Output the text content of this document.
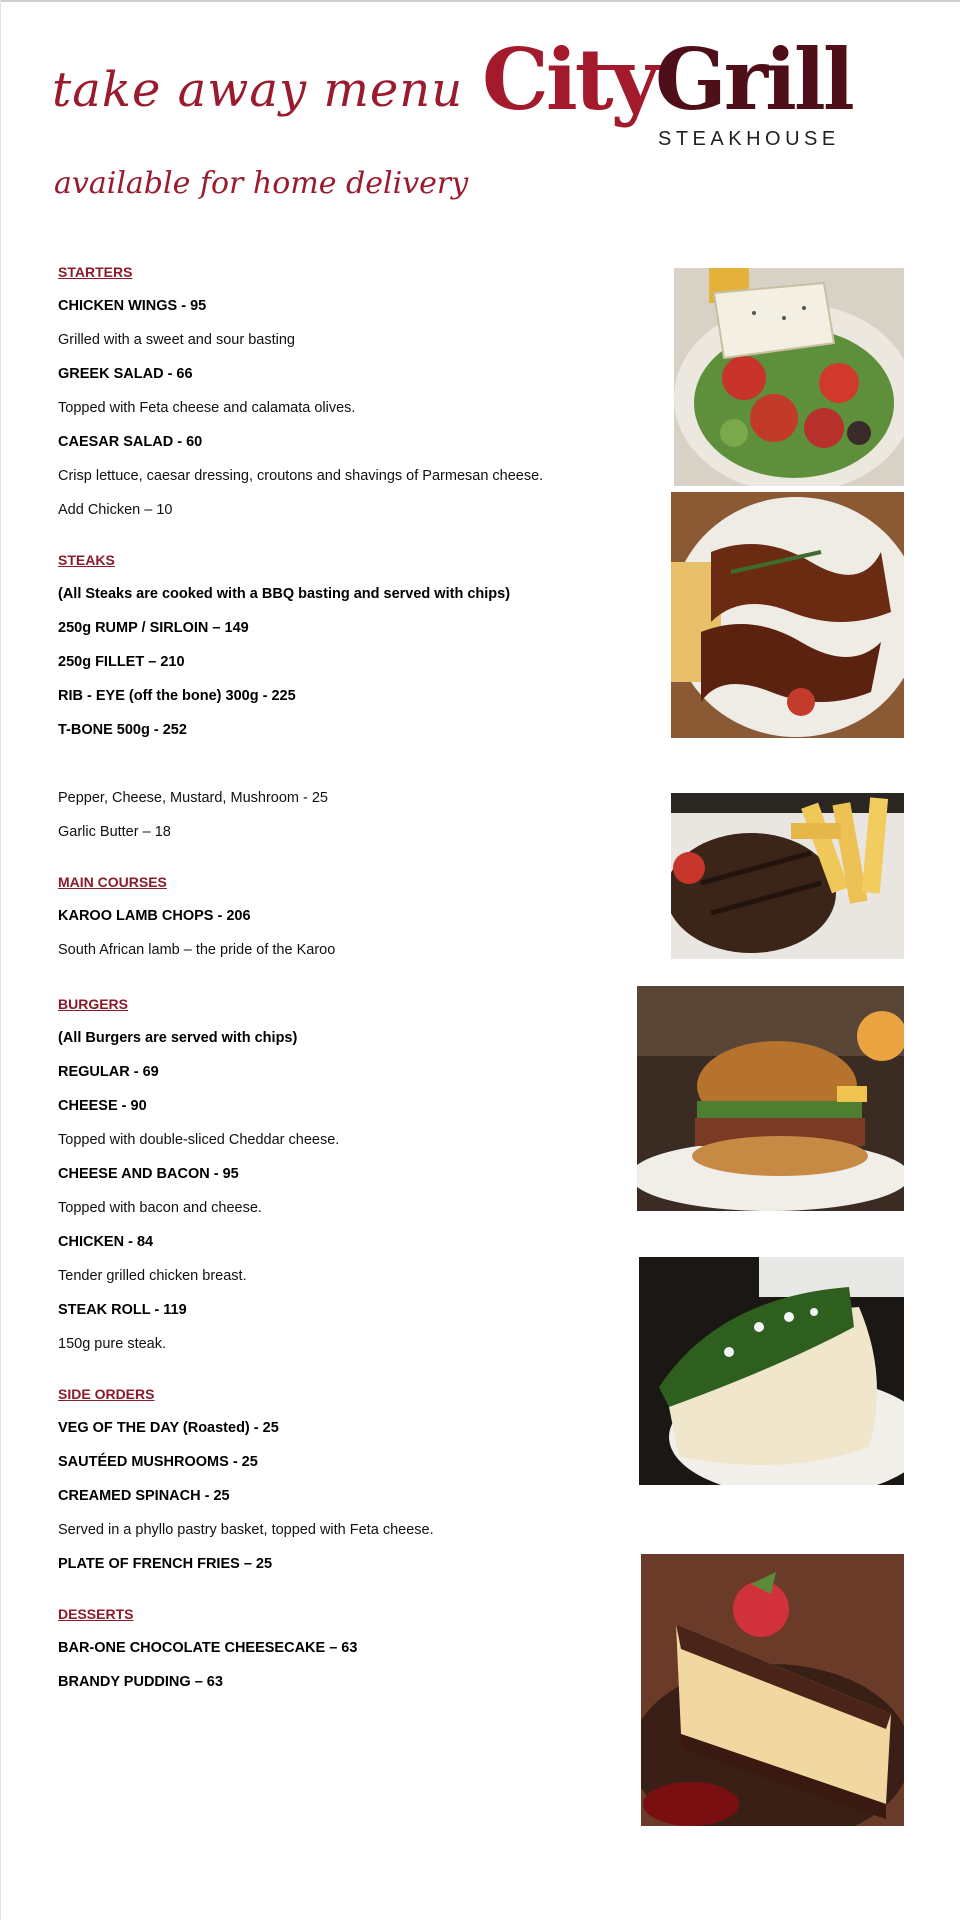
take away menu
available for home delivery
City
Grill
STEAKHOUSE
STARTERS
CHICKEN WINGS - 95
Grilled with a sweet and sour basting
GREEK SALAD - 66
Topped with Feta cheese and calamata olives.
CAESAR SALAD - 60
Crisp lettuce, caesar dressing, croutons and shavings of Parmesan cheese.
Add Chicken – 10
STEAKS
(All Steaks are cooked with a BBQ basting and served with chips)
250g RUMP / SIRLOIN – 149
250g FILLET – 210
RIB - EYE (off the bone) 300g - 225
T-BONE 500g - 252
Pepper, Cheese, Mustard, Mushroom - 25
Garlic Butter – 18
MAIN COURSES
KAROO LAMB CHOPS - 206
South African lamb – the pride of the Karoo
BURGERS
(All Burgers are served with chips)
REGULAR - 69
CHEESE - 90
Topped with double-sliced Cheddar cheese.
CHEESE AND BACON - 95
Topped with bacon and cheese.
CHICKEN - 84
Tender grilled chicken breast.
STEAK ROLL - 119
150g pure steak.
SIDE ORDERS
VEG OF THE DAY (Roasted) - 25
SAUTÉED MUSHROOMS - 25
CREAMED SPINACH - 25
Served in a phyllo pastry basket, topped with Feta cheese.
PLATE OF FRENCH FRIES – 25
DESSERTS
BAR-ONE CHOCOLATE CHEESECAKE – 63
BRANDY PUDDING – 63
